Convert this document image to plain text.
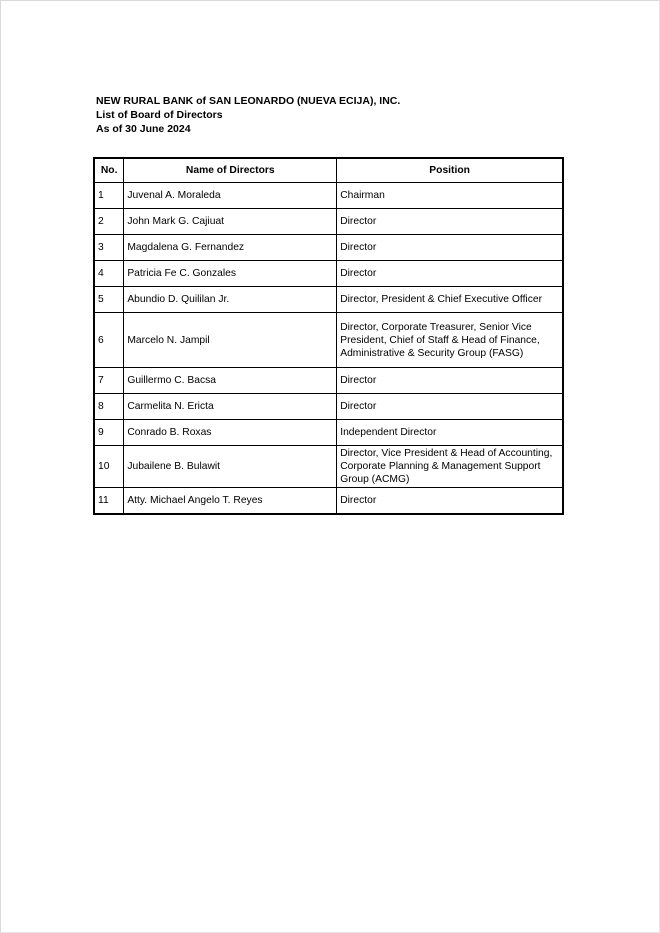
NEW RURAL BANK of SAN LEONARDO (NUEVA ECIJA), INC.
List of Board of Directors
As of 30 June 2024
No.	Name of Directors	Position
1	Juvenal A. Moraleda	Chairman
2	John Mark G. Cajiuat	Director
3	Magdalena G. Fernandez	Director
4	Patricia Fe C. Gonzales	Director
5	Abundio D. Quililan Jr.	Director, President & Chief Executive Officer
6	Marcelo N. Jampil	Director, Corporate Treasurer, Senior Vice President, Chief of Staff & Head of Finance, Administrative & Security Group (FASG)
7	Guillermo C. Bacsa	Director
8	Carmelita N. Ericta	Director
9	Conrado B. Roxas	Independent Director
10	Jubailene B. Bulawit	Director, Vice President & Head of Accounting, Corporate Planning & Management Support Group (ACMG)
11	Atty. Michael Angelo T. Reyes	Director
